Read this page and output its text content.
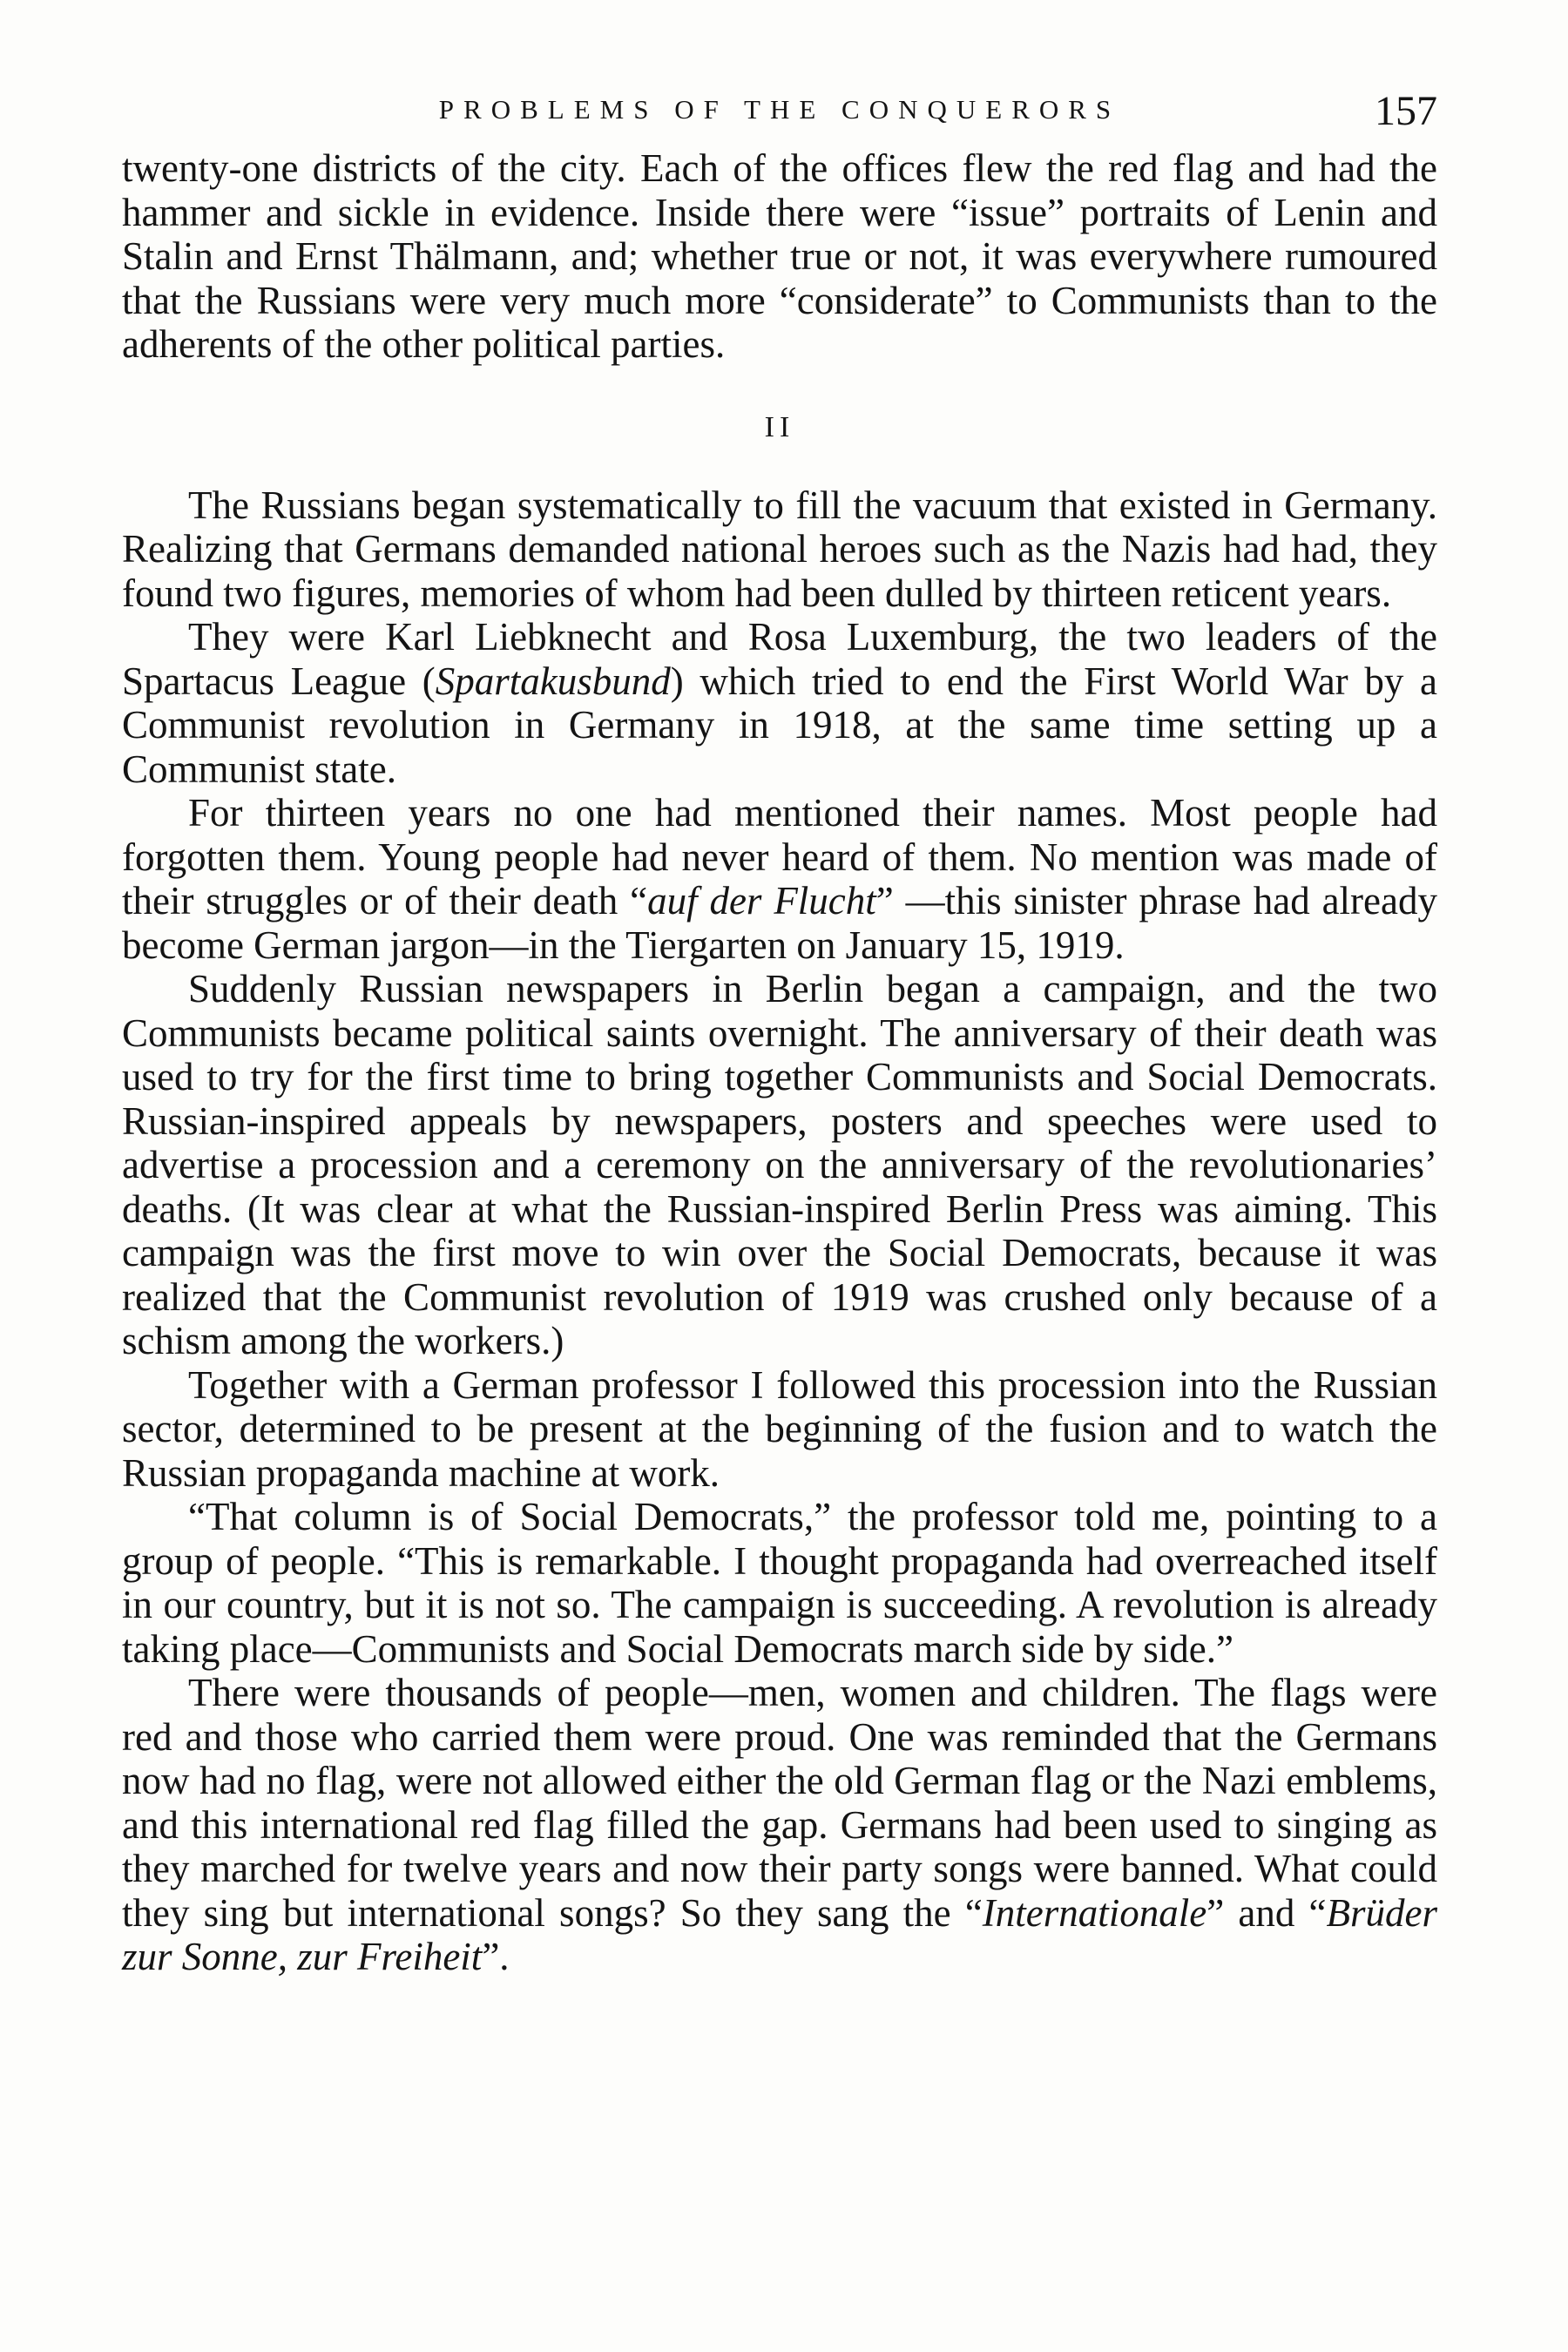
PROBLEMS OF THE CONQUERORS	157

twenty-one districts of the city. Each of the offices flew the red flag and had the hammer and sickle in evidence. Inside there were “issue” portraits of Lenin and Stalin and Ernst Thälmann, and; whether true or not, it was everywhere rumoured that the Russians were very much more “considerate” to Communists than to the adherents of the other political parties.

II

The Russians began systematically to fill the vacuum that existed in Germany. Realizing that Germans demanded national heroes such as the Nazis had had, they found two figures, memories of whom had been dulled by thirteen reticent years.

They were Karl Liebknecht and Rosa Luxemburg, the two leaders of the Spartacus League (Spartakusbund) which tried to end the First World War by a Communist revolution in Germany in 1918, at the same time setting up a Communist state.

For thirteen years no one had mentioned their names. Most people had forgotten them. Young people had never heard of them. No mention was made of their struggles or of their death “auf der Flucht” —this sinister phrase had already become German jargon—in the Tiergarten on January 15, 1919.

Suddenly Russian newspapers in Berlin began a campaign, and the two Communists became political saints overnight. The anniversary of their death was used to try for the first time to bring together Communists and Social Democrats. Russian-inspired appeals by newspapers, posters and speeches were used to advertise a procession and a ceremony on the anniversary of the revolutionaries’ deaths. (It was clear at what the Russian-inspired Berlin Press was aiming. This campaign was the first move to win over the Social Democrats, because it was realized that the Communist revolution of 1919 was crushed only because of a schism among the workers.)

Together with a German professor I followed this procession into the Russian sector, determined to be present at the beginning of the fusion and to watch the Russian propaganda machine at work.

“That column is of Social Democrats,” the professor told me, pointing to a group of people. “This is remarkable. I thought propaganda had overreached itself in our country, but it is not so. The campaign is succeeding. A revolution is already taking place—Communists and Social Democrats march side by side.”

There were thousands of people—men, women and children. The flags were red and those who carried them were proud. One was reminded that the Germans now had no flag, were not allowed either the old German flag or the Nazi emblems, and this international red flag filled the gap. Germans had been used to singing as they marched for twelve years and now their party songs were banned. What could they sing but international songs? So they sang the “Internationale” and “Brüder zur Sonne, zur Freiheit”.
